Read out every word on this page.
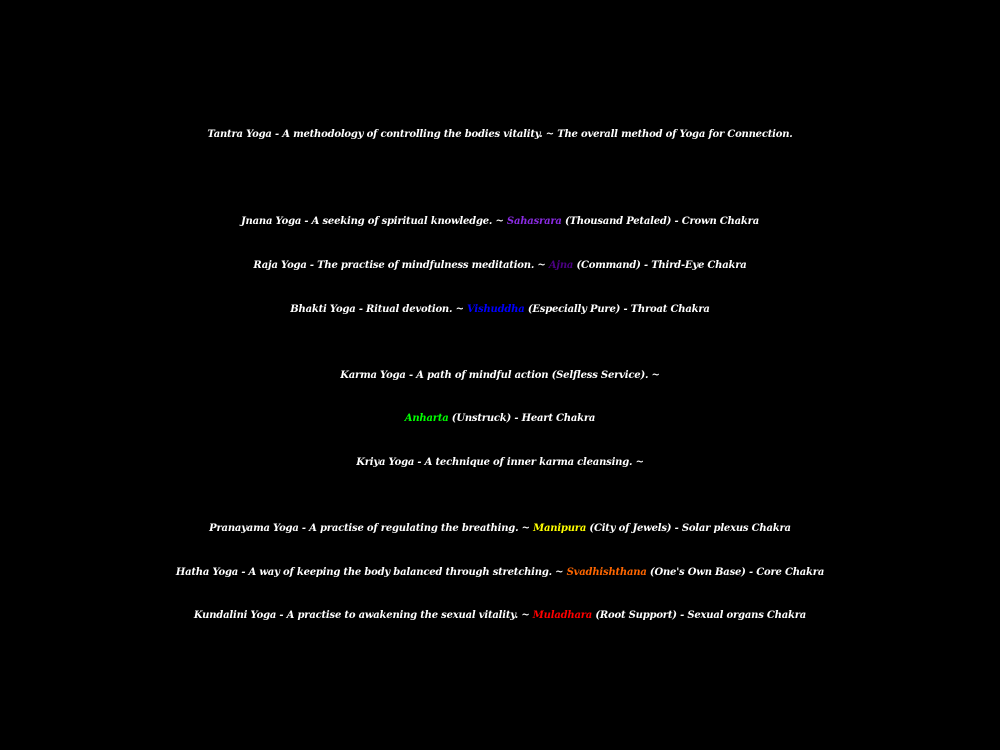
Tantra Yoga - A methodology of controlling the bodies vitality. ~ The overall method of Yoga for Connection.
Jnana Yoga - A seeking of spiritual knowledge. ~ Sahasrara (Thousand Petaled) - Crown Chakra
Raja Yoga - The practise of mindfulness meditation. ~ Ajna (Command) - Third-Eye Chakra
Bhakti Yoga - Ritual devotion. ~ Vishuddha (Especially Pure) - Throat Chakra
Karma Yoga - A path of mindful action (Selfless Service). ~
Anharta (Unstruck) - Heart Chakra
Kriya Yoga - A technique of inner karma cleansing. ~
Pranayama Yoga - A practise of regulating the breathing. ~ Manipura (City of Jewels) - Solar plexus Chakra
Hatha Yoga - A way of keeping the body balanced through stretching. ~ Svadhishthana (One's Own Base) - Core Chakra
Kundalini Yoga - A practise to awakening the sexual vitality. ~ Muladhara (Root Support) - Sexual organs Chakra
